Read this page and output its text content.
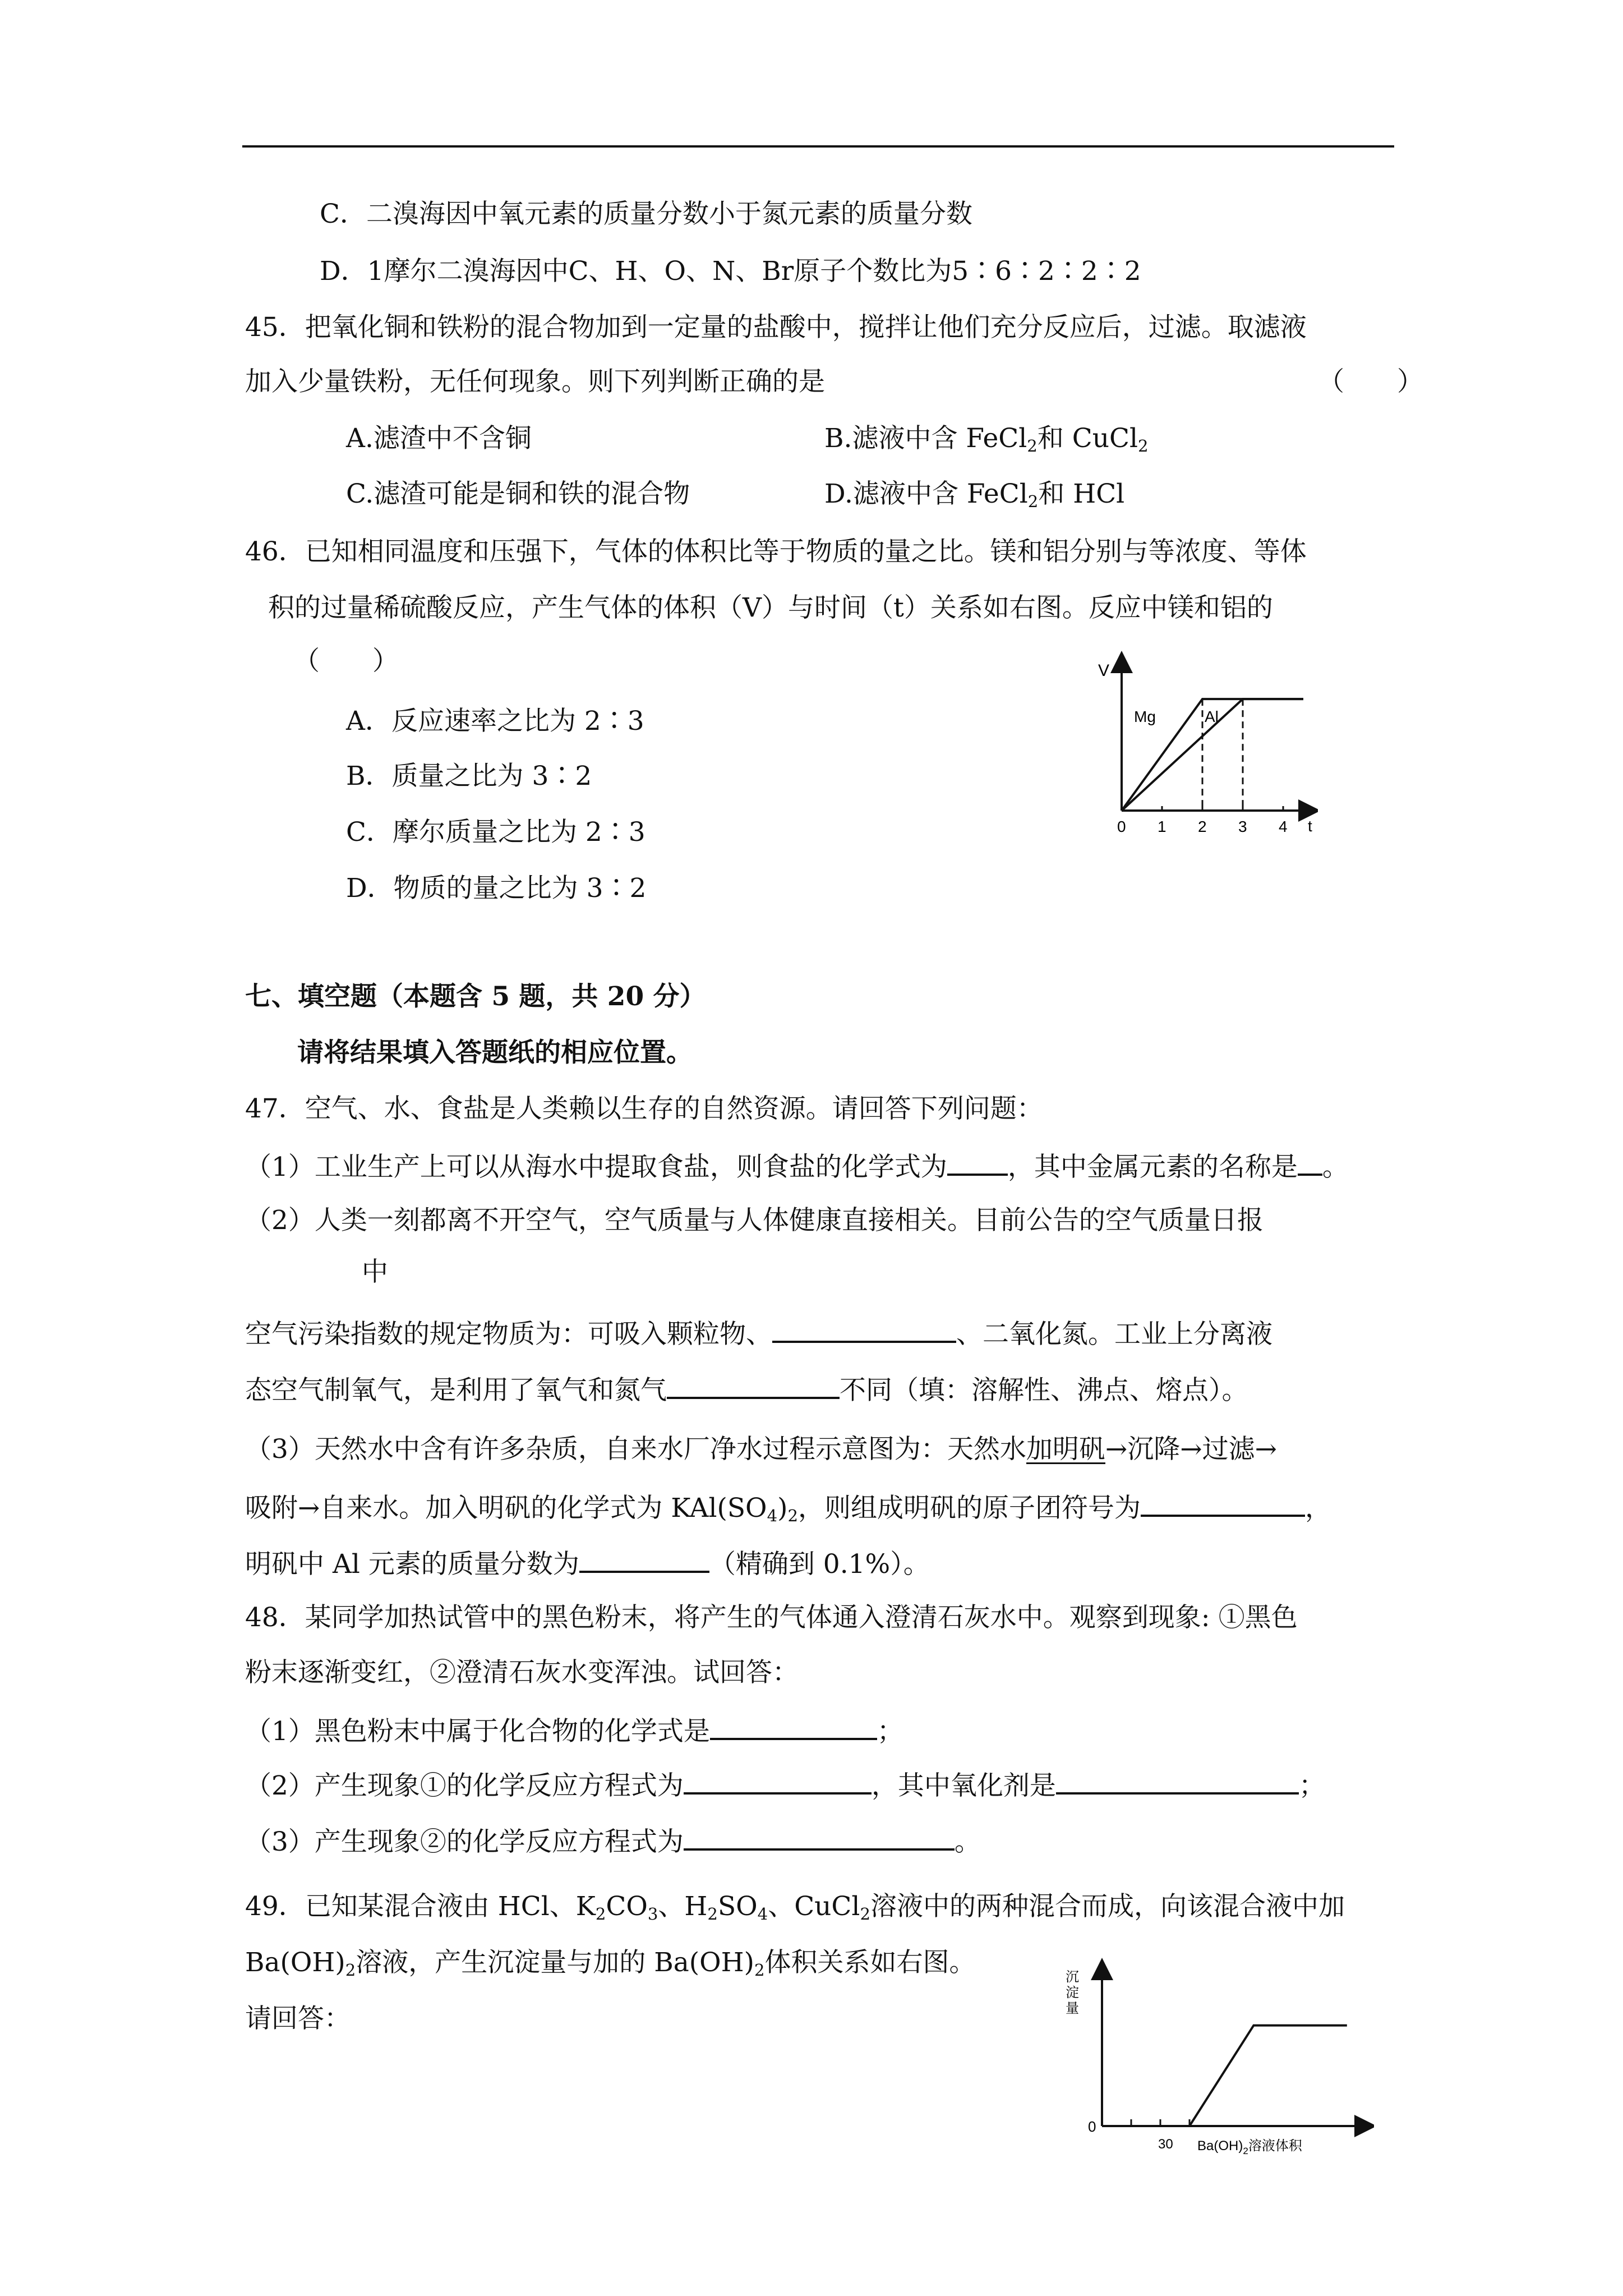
C．二溴海因中氧元素的质量分数小于氮元素的质量分数
D．1摩尔二溴海因中C、H、O、N、Br原子个数比为5∶6∶2∶2∶2
45．把氧化铜和铁粉的混合物加到一定量的盐酸中，搅拌让他们充分反应后，过滤。取滤液
加入少量铁粉，无任何现象。则下列判断正确的是	（　　）
A.滤渣中不含铜	B.滤液中含 FeCl$_2$和 CuCl$_2$
C.滤渣可能是铜和铁的混合物	D.滤液中含 FeCl$_2$和 HCl
46．已知相同温度和压强下，气体的体积比等于物质的量之比。镁和铝分别与等浓度、等体
积的过量稀硫酸反应，产生气体的体积（V）与时间（t）关系如右图。反应中镁和铝的
（　　）
A．反应速率之比为 2∶3
B．质量之比为 3∶2
C．摩尔质量之比为 2∶3
D．物质的量之比为 3∶2
V
t
Mg	Al
0 1 2 3 4
七、填空题（本题含 5 题，共 20 分）
请将结果填入答题纸的相应位置。
47．空气、水、食盐是人类赖以生存的自然资源。请回答下列问题：
（1）工业生产上可以从海水中提取食盐，则食盐的化学式为 ，其中金属元素的名称是 。
（2）人类一刻都离不开空气，空气质量与人体健康直接相关。目前公告的空气质量日报
中
空气污染指数的规定物质为：可吸入颗粒物、	、二氧化氮。工业上分离液
态空气制氧气，是利用了氧气和氮气	不同（填：溶解性、沸点、熔点）。
（3）天然水中含有许多杂质，自来水厂净水过程示意图为：天然水加明矾→沉降→过滤→
吸附→自来水。加入明矾的化学式为 $KAl(SO_4)_2$，则组成明矾的原子团符号为	，
明矾中 Al 元素的质量分数为	（精确到 0.1%）。
48．某同学加热试管中的黑色粉末，将产生的气体通入澄清石灰水中。观察到现象: ①黑色
粉末逐渐变红，②澄清石灰水变浑浊。试回答：
（1）黑色粉末中属于化合物的化学式是	；
（2）产生现象①的化学反应方程式为	，其中氧化剂是	；
（3）产生现象②的化学反应方程式为	。
49．已知某混合液由 HCl、$K_2CO_3$、$H_2SO_4$、CuCl$_2$溶液中的两种混合而成，向该混合液中加
$Ba(OH)_2$溶液，产生沉淀量与加的 $Ba(OH)_2$体积关系如右图。
请回答：
沉
淀
量
0
30 $Ba(OH)_2$溶液体积
